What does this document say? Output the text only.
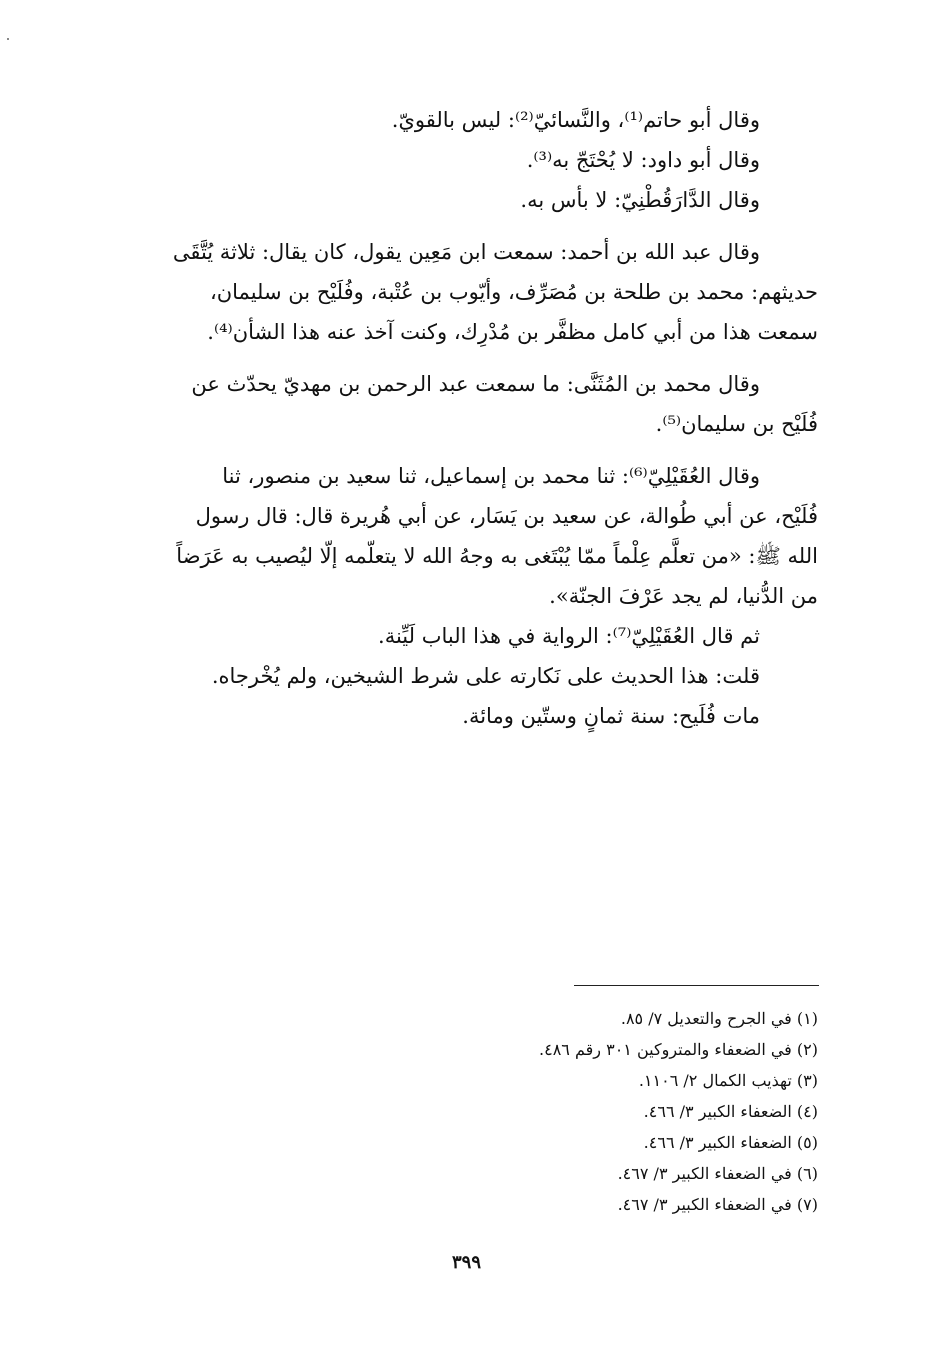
وقال أبو حاتم⁽¹⁾، والنَّسائيّ⁽²⁾: ليس بالقويّ.
وقال أبو داود: لا يُحْتَجّ به⁽³⁾.
وقال الدَّارَقُطْنِيّ: لا بأس به.
وقال عبد الله بن أحمد: سمعت ابن مَعِين يقول، كان يقال: ثلاثة يُتَّقَى
حديثهم: محمد بن طلحة بن مُصَرِّف، وأيّوب بن عُتْبة، وفُلَيْح بن سليمان،
سمعت هذا من أبي كامل مظفَّر بن مُدْرِك، وكنت آخذ عنه هذا الشأن⁽⁴⁾.
وقال محمد بن المُثَنَّى: ما سمعت عبد الرحمن بن مهديّ يحدّث عن
فُلَيْح بن سليمان⁽⁵⁾.
وقال العُقَيْلِيّ⁽⁶⁾: ثنا محمد بن إسماعيل، ثنا سعيد بن منصور، ثنا
فُلَيْح، عن أبي طُوالة، عن سعيد بن يَسَار، عن أبي هُريرة قال: قال رسول
الله ﷺ: «من تعلَّم عِلْماً ممّا يُبْتَغى به وجهُ الله لا يتعلّمه إلّا ليُصيب به عَرَضاً
من الدُّنيا، لم يجد عَرْفَ الجنّة».
ثم قال العُقَيْلِيّ⁽⁷⁾: الرواية في هذا الباب لَيِّنة.
قلت: هذا الحديث على نَكارته على شرط الشيخين، ولم يُخْرجاه.
مات فُلَيح: سنة ثمانٍ وستّين ومائة.
(١) في الجرح والتعديل ٧/ ٨٥.
(٢) في الضعفاء والمتروكين ٣٠١ رقم ٤٨٦.
(٣) تهذيب الكمال ٢/ ١١٠٦.
(٤) الضعفاء الكبير ٣/ ٤٦٦.
(٥) الضعفاء الكبير ٣/ ٤٦٦.
(٦) في الضعفاء الكبير ٣/ ٤٦٧.
(٧) في الضعفاء الكبير ٣/ ٤٦٧.
٣٩٩
